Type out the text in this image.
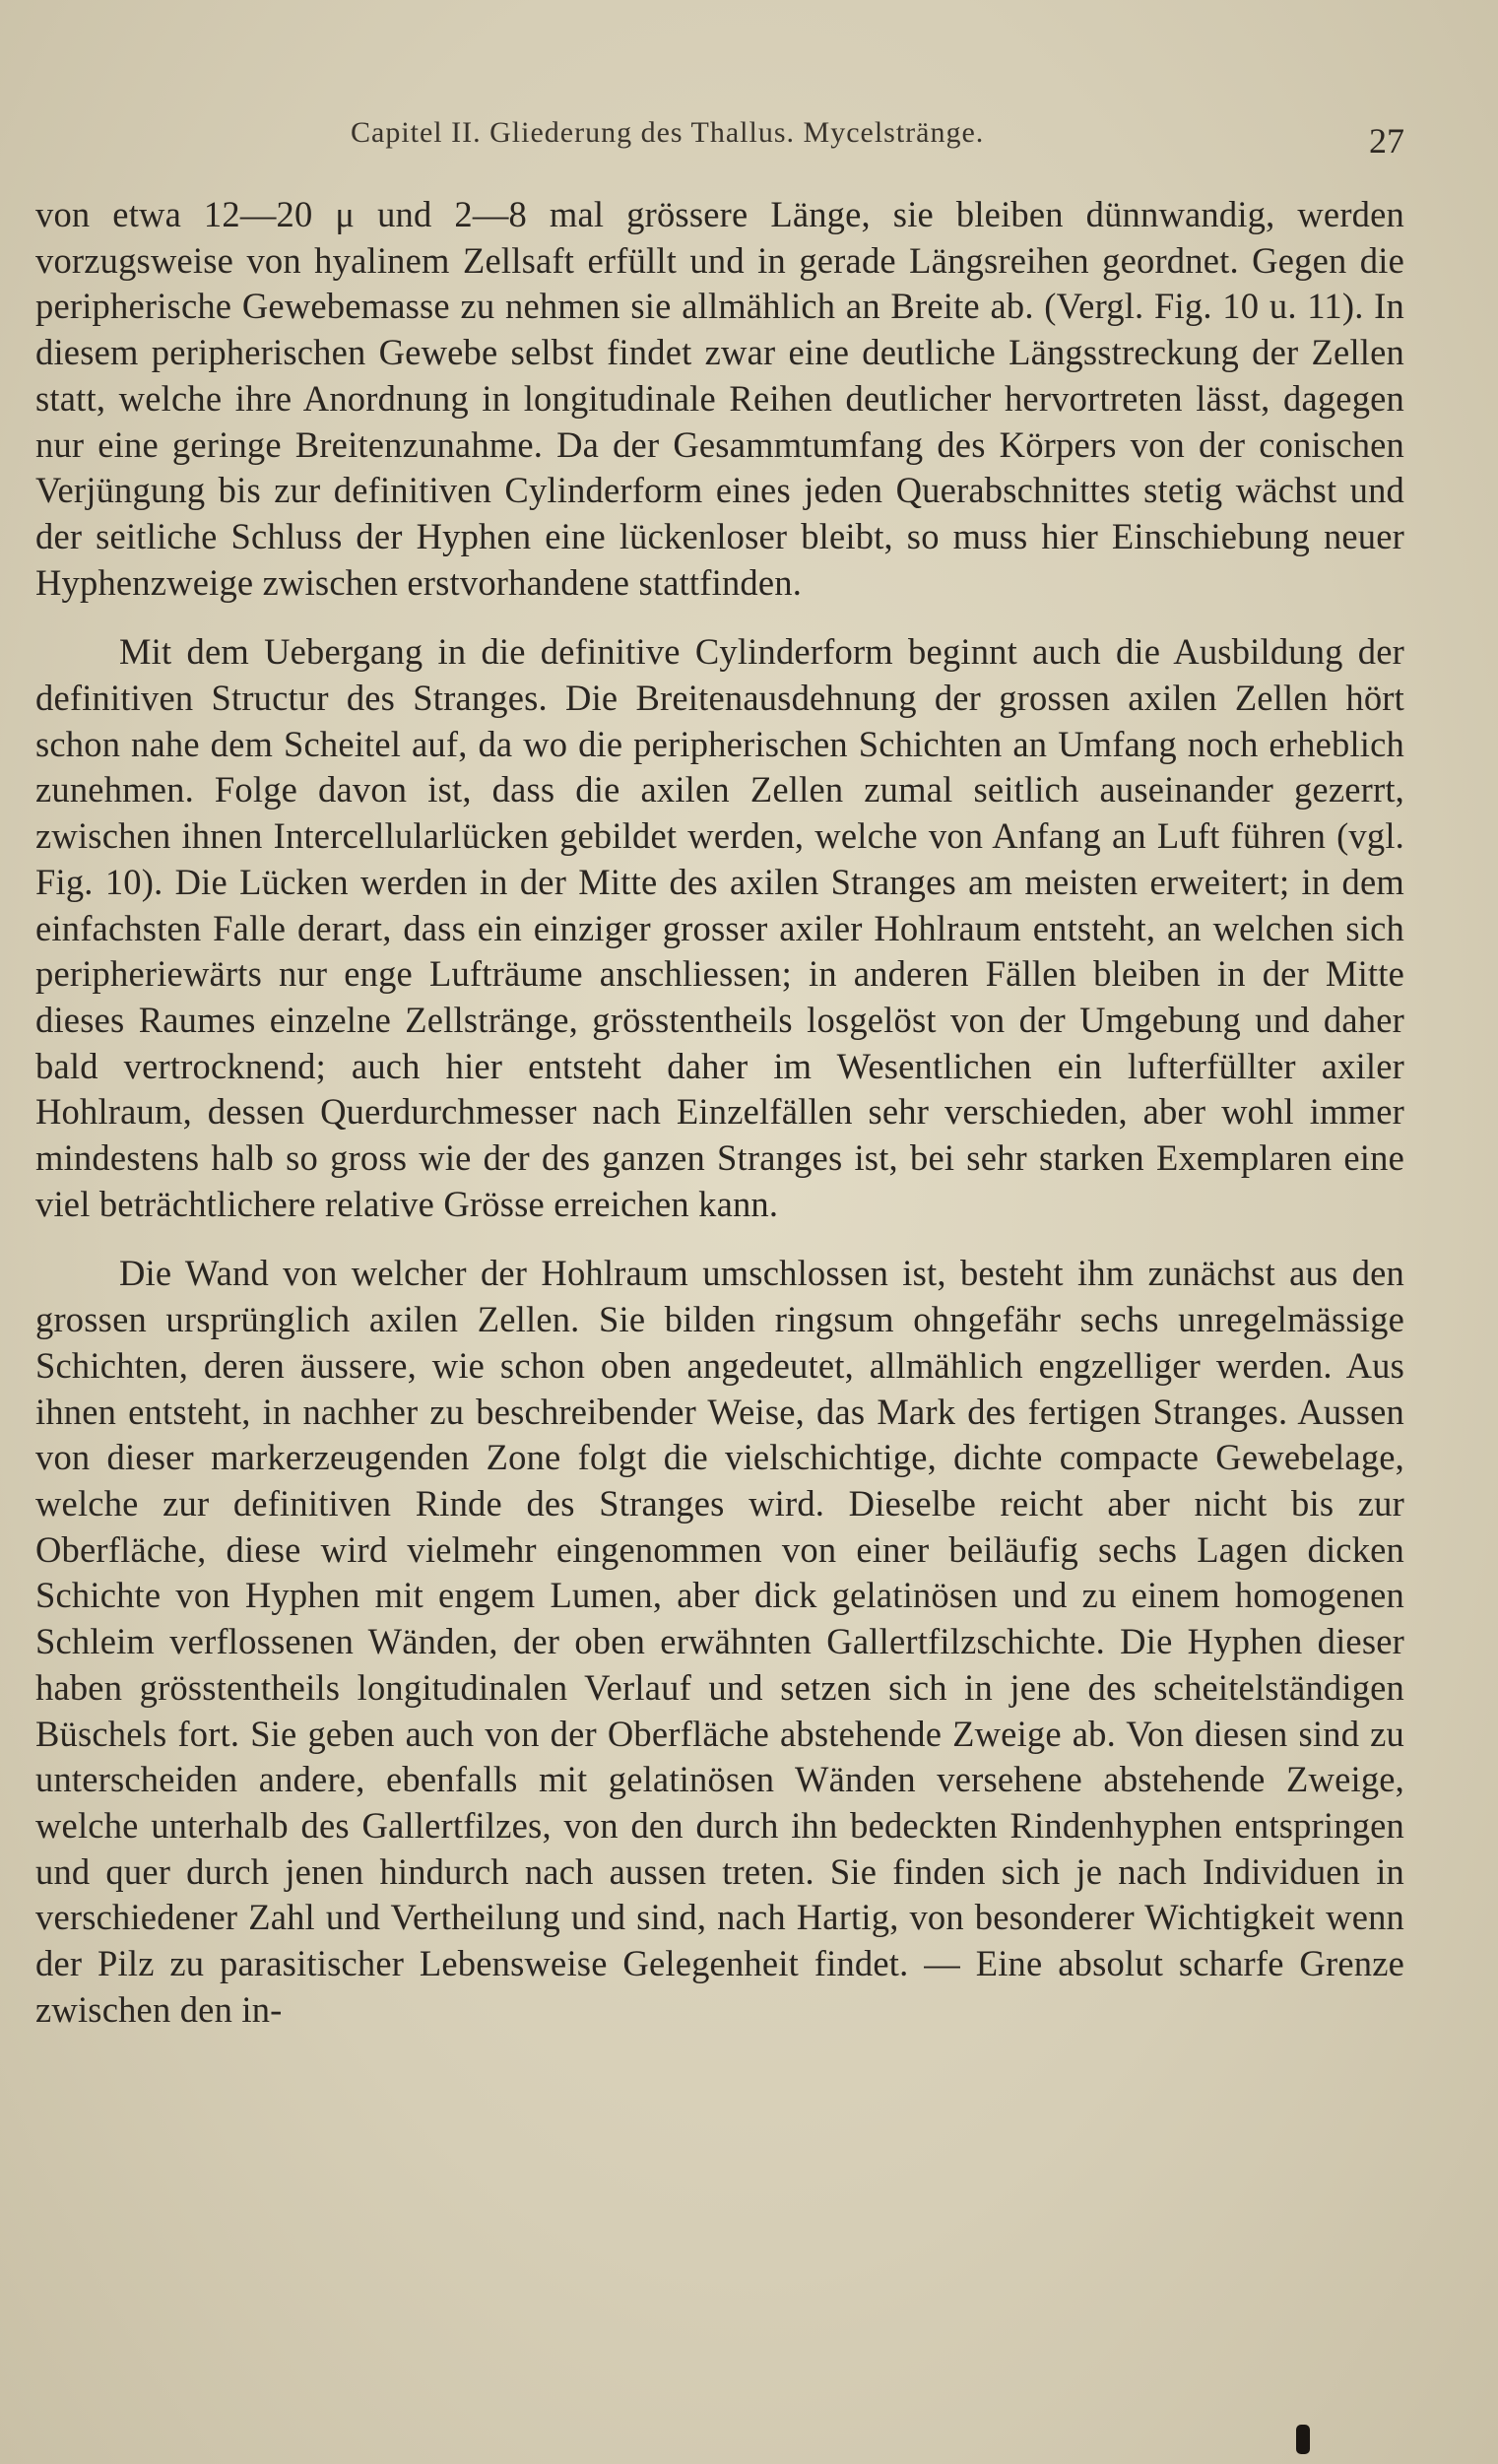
Capitel II. Gliederung des Thallus. Mycelstränge.	27

von etwa 12—20 μ und 2—8 mal grössere Länge, sie bleiben dünnwandig, werden vorzugsweise von hyalinem Zellsaft erfüllt und in gerade Längsreihen geordnet. Gegen die peripherische Gewebemasse zu nehmen sie allmählich an Breite ab. (Vergl. Fig. 10 u. 11). In diesem peripherischen Gewebe selbst findet zwar eine deutliche Längsstreckung der Zellen statt, welche ihre Anordnung in longitudinale Reihen deutlicher hervortreten lässt, dagegen nur eine geringe Breitenzunahme. Da der Gesammtumfang des Körpers von der conischen Verjüngung bis zur definitiven Cylinderform eines jeden Querabschnittes stetig wächst und der seitliche Schluss der Hyphen eine lückenloser bleibt, so muss hier Einschiebung neuer Hyphenzweige zwischen erstvorhandene stattfinden.

Mit dem Uebergang in die definitive Cylinderform beginnt auch die Ausbildung der definitiven Structur des Stranges. Die Breitenausdehnung der grossen axilen Zellen hört schon nahe dem Scheitel auf, da wo die peripherischen Schichten an Umfang noch erheblich zunehmen. Folge davon ist, dass die axilen Zellen zumal seitlich auseinander gezerrt, zwischen ihnen Intercellularlücken gebildet werden, welche von Anfang an Luft führen (vgl. Fig. 10). Die Lücken werden in der Mitte des axilen Stranges am meisten erweitert; in dem einfachsten Falle derart, dass ein einziger grosser axiler Hohlraum entsteht, an welchen sich peripheriewärts nur enge Lufträume anschliessen; in anderen Fällen bleiben in der Mitte dieses Raumes einzelne Zellstränge, grösstentheils losgelöst von der Umgebung und daher bald vertrocknend; auch hier entsteht daher im Wesentlichen ein lufterfüllter axiler Hohlraum, dessen Querdurchmesser nach Einzelfällen sehr verschieden, aber wohl immer mindestens halb so gross wie der des ganzen Stranges ist, bei sehr starken Exemplaren eine viel beträchtlichere relative Grösse erreichen kann.

Die Wand von welcher der Hohlraum umschlossen ist, besteht ihm zunächst aus den grossen ursprünglich axilen Zellen. Sie bilden ringsum ohngefähr sechs unregelmässige Schichten, deren äussere, wie schon oben angedeutet, allmählich engzelliger werden. Aus ihnen entsteht, in nachher zu beschreibender Weise, das Mark des fertigen Stranges. Aussen von dieser markerzeugenden Zone folgt die vielschichtige, dichte compacte Gewebelage, welche zur definitiven Rinde des Stranges wird. Dieselbe reicht aber nicht bis zur Oberfläche, diese wird vielmehr eingenommen von einer beiläufig sechs Lagen dicken Schichte von Hyphen mit engem Lumen, aber dick gelatinösen und zu einem homogenen Schleim verflossenen Wänden, der oben erwähnten Gallertfilzschichte. Die Hyphen dieser haben grösstentheils longitudinalen Verlauf und setzen sich in jene des scheitelständigen Büschels fort. Sie geben auch von der Oberfläche abstehende Zweige ab. Von diesen sind zu unterscheiden andere, ebenfalls mit gelatinösen Wänden versehene abstehende Zweige, welche unterhalb des Gallertfilzes, von den durch ihn bedeckten Rindenhyphen entspringen und quer durch jenen hindurch nach aussen treten. Sie finden sich je nach Individuen in verschiedener Zahl und Vertheilung und sind, nach Hartig, von besonderer Wichtigkeit wenn der Pilz zu parasitischer Lebensweise Gelegenheit findet. — Eine absolut scharfe Grenze zwischen den in-
